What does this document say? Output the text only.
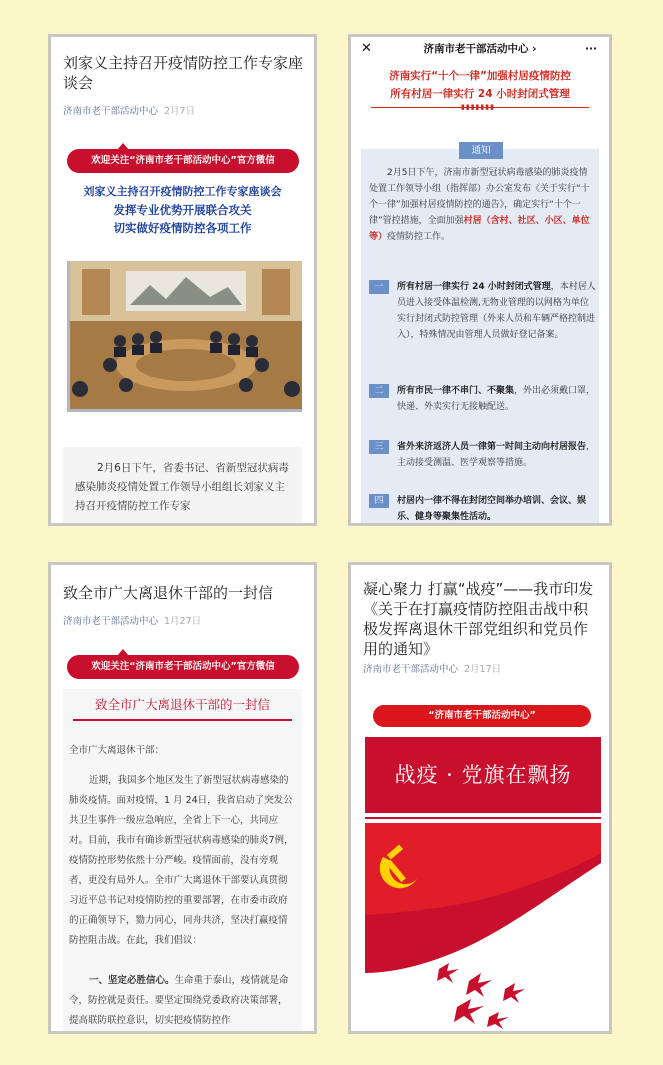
刘家义主持召开疫情防控工作专家座谈会
济南市老干部活动中心 2月7日
欢迎关注“济南市老干部活动中心”官方微信
刘家义主持召开疫情防控工作专家座谈会
发挥专业优势开展联合攻关
切实做好疫情防控各项工作
2月6日下午，省委书记、省新型冠状病毒感染肺炎疫情处置工作领导小组组长刘家义主持召开疫情防控工作专家
✕	济南市老干部活动中心 ›	···
济南实行“十个一律”加强村居疫情防控
所有村居一律实行 24 小时封闭式管理
▮▮▮▮▮▮▮
通知
2月5日下午，济南市新型冠状病毒感染的肺炎疫情处置工作领导小组（指挥部）办公室发布《关于实行“十个一律”加强村居疫情防控的通告》，确定实行“十个一律”管控措施，全面加强村居（含村、社区、小区、单位等）疫情防控工作。
一	所有村居一律实行 24 小时封闭式管理，本村居人员进入接受体温检测,无物业管理的以网格为单位实行封闭式防控管理（外来人员和车辆严格控制进入），特殊情况由管理人员做好登记备案。
二	所有市民一律不串门、不聚集，外出必须戴口罩，快递、外卖实行无接触配送。
三	省外来济返济人员一律第一时间主动向村居报告，主动接受测温、医学观察等措施。
四	村居内一律不得在封闭空间举办培训、会议、娱乐、健身等聚集性活动。
致全市广大离退休干部的一封信
济南市老干部活动中心 1月27日
欢迎关注“济南市老干部活动中心”官方微信
致全市广大离退休干部的一封信
全市广大离退休干部：
近期，我国多个地区发生了新型冠状病毒感染的肺炎疫情。面对疫情，1 月 24日，我省启动了突发公共卫生事件一级应急响应，全省上下一心，共同应对。目前，我市有确诊新型冠状病毒感染的肺炎7例，疫情防控形势依然十分严峻。疫情面前，没有旁观者，更没有局外人。全市广大离退休干部要认真贯彻习近平总书记对疫情防控的重要部署，在市委市政府的正确领导下，勠力同心，同舟共济，坚决打赢疫情防控阻击战。在此，我们倡议：
一、坚定必胜信心。生命重于泰山，疫情就是命令，防控就是责任。要坚定围绕党委政府决策部署，提高联防联控意识，切实把疫情防控作
凝心聚力 打赢“战疫”——我市印发《关于在打赢疫情防控阻击战中积极发挥离退休干部党组织和党员作用的通知》
济南市老干部活动中心 2月17日
“济南市老干部活动中心”
战疫 · 党旗在飘扬
